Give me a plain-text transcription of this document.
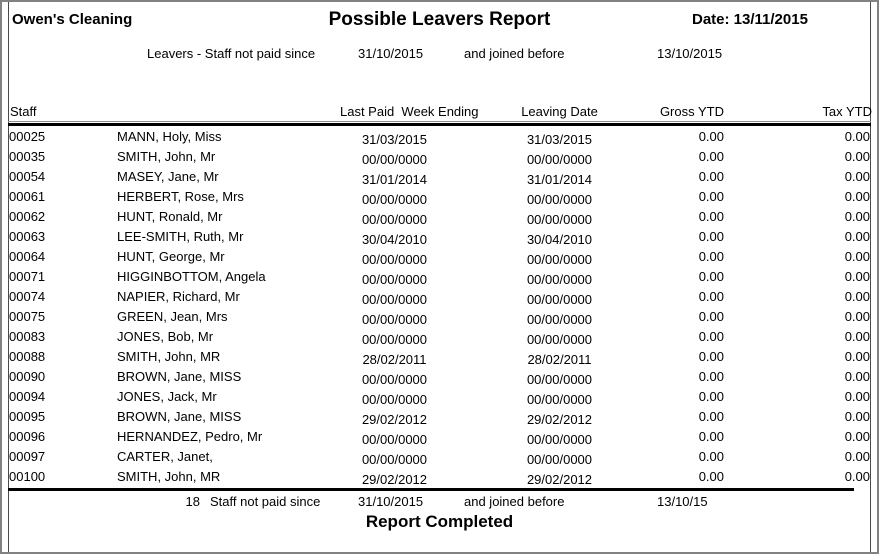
Owen's Cleaning	Possible Leavers Report	Date: 13/11/2015
Leavers - Staff not paid since	31/10/2015	and joined before	13/10/2015
Staff	Last Paid  Week Ending	Leaving Date	Gross YTD	Tax YTD
00025	MANN, Holy, Miss	31/03/2015	31/03/2015	0.00	0.00
00035	SMITH, John, Mr	00/00/0000	00/00/0000	0.00	0.00
00054	MASEY, Jane, Mr	31/01/2014	31/01/2014	0.00	0.00
00061	HERBERT, Rose, Mrs	00/00/0000	00/00/0000	0.00	0.00
00062	HUNT, Ronald, Mr	00/00/0000	00/00/0000	0.00	0.00
00063	LEE-SMITH, Ruth, Mr	30/04/2010	30/04/2010	0.00	0.00
00064	HUNT, George, Mr	00/00/0000	00/00/0000	0.00	0.00
00071	HIGGINBOTTOM, Angela	00/00/0000	00/00/0000	0.00	0.00
00074	NAPIER, Richard, Mr	00/00/0000	00/00/0000	0.00	0.00
00075	GREEN, Jean, Mrs	00/00/0000	00/00/0000	0.00	0.00
00083	JONES, Bob, Mr	00/00/0000	00/00/0000	0.00	0.00
00088	SMITH, John, MR	28/02/2011	28/02/2011	0.00	0.00
00090	BROWN, Jane, MISS	00/00/0000	00/00/0000	0.00	0.00
00094	JONES, Jack, Mr	00/00/0000	00/00/0000	0.00	0.00
00095	BROWN, Jane, MISS	29/02/2012	29/02/2012	0.00	0.00
00096	HERNANDEZ, Pedro, Mr	00/00/0000	00/00/0000	0.00	0.00
00097	CARTER, Janet,	00/00/0000	00/00/0000	0.00	0.00
00100	SMITH, John, MR	29/02/2012	29/02/2012	0.00	0.00
18 Staff not paid since	31/10/2015	and joined before	13/10/15
Report Completed
